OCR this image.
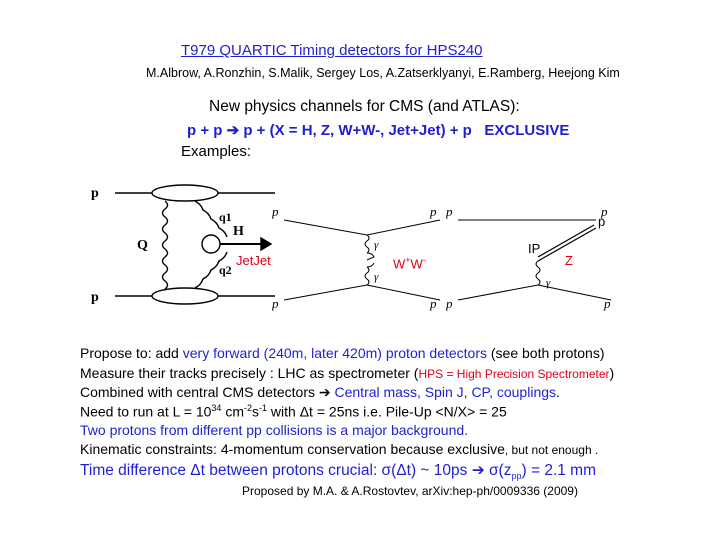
T979 QUARTIC Timing detectors for HPS240
M.Albrow, A.Ronzhin, S.Malik, Sergey Los, A.Zatserklyanyi, E.Ramberg, Heejong Kim
New physics channels for CMS (and ATLAS):
p + p ➔ p + (X = H, Z, W+W-, Jet+Jet) + p EXCLUSIVE
Examples:
p
p
q1
q2
H
Q
JetJet
p	p
p	p
γ
γ
W+W-
p	p
p	p
γ
p
IP
Z
Propose to: add very forward (240m, later 420m) proton detectors (see both protons)
Measure their tracks precisely : LHC as spectrometer (HPS = High Precision Spectrometer)
Combined with central CMS detectors ➔ Central mass, Spin J, CP, couplings.
Need to run at $L = 10^{34}$ $cm^{-2}s^{-1}$ with Δt = 25ns i.e. Pile-Up <N/X> = 25
Two protons from different pp collisions is a major background.
Kinematic constraints: 4-momentum conservation because exclusive, but not enough .
Time difference Δt between protons crucial: σ(Δt) ~ 10ps ➔ $\sigma(z_{pp}) = 2.1$ mm
Proposed by M.A. & A.Rostovtev, arXiv:hep-ph/0009336 (2009)
